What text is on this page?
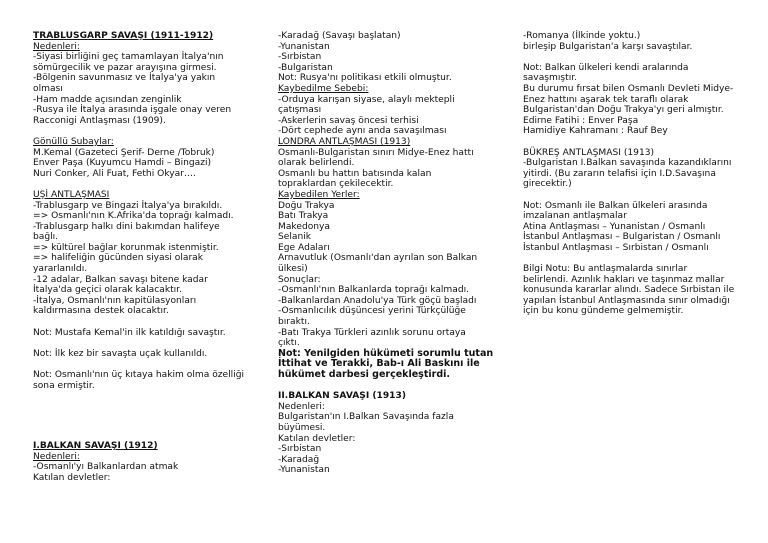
TRABLUSGARP SAVAŞI (1911-1912)
Nedenleri:
-Siyasi birliğini geç tamamlayan İtalya'nın
sömürgecilik ve pazar arayışına girmesi.
-Bölgenin savunmasız ve İtalya'ya yakın
olması
-Ham madde açısından zenginlik
-Rusya ile İtalya arasında işgale onay veren
Racconigi Antlaşması (1909).
Gönüllü Subaylar:
M.Kemal (Gazeteci Şerif- Derne /Tobruk)
Enver Paşa (Kuyumcu Hamdi – Bingazi)
Nuri Conker, Ali Fuat, Fethi Okyar….
UŞİ ANTLAŞMASI
-Trablusgarp ve Bingazi İtalya'ya bırakıldı.
=> Osmanlı'nın K.Afrika'da toprağı kalmadı.
-Trablusgarp halkı dini bakımdan halifeye
bağlı.
=> kültürel bağlar korunmak istenmiştir.
=> halifeliğin gücünden siyasi olarak
yararlanıldı.
-12 adalar, Balkan savaşı bitene kadar
İtalya'da geçici olarak kalacaktır.
-İtalya, Osmanlı'nın kapitülasyonları
kaldırmasına destek olacaktır.
Not: Mustafa Kemal'in ilk katıldığı savaştır.
Not: İlk kez bir savaşta uçak kullanıldı.
Not: Osmanlı'nın üç kıtaya hakim olma özelliği
sona ermiştir.
I.BALKAN SAVAŞI (1912)
Nedenleri:
-Osmanlı'yı Balkanlardan atmak
Katılan devletler:
-Karadağ (Savaşı başlatan)
-Yunanistan
-Sırbistan
-Bulgaristan
Not: Rusya'nı politikası etkili olmuştur.
Kaybedilme Sebebi:
-Orduya karışan siyase, alaylı mektepli
çatışması
-Askerlerin savaş öncesi terhisi
-Dört cephede aynı anda savaşılması
LONDRA ANTLAŞMASI (1913)
Osmanlı-Bulgaristan sınırı Midye-Enez hattı
olarak belirlendi.
Osmanlı bu hattın batısında kalan
topraklardan çekilecektir.
Kaybedilen Yerler:
Doğu Trakya
Batı Trakya
Makedonya
Selanik
Ege Adaları
Arnavutluk (Osmanlı'dan ayrılan son Balkan
ülkesi)
Sonuçlar:
-Osmanlı'nın Balkanlarda toprağı kalmadı.
-Balkanlardan Anadolu'ya Türk göçü başladı
-Osmanlıcılık düşüncesi yerini Türkçülüğe
bıraktı.
-Batı Trakya Türkleri azınlık sorunu ortaya
çıktı.
Not: Yenilgiden hükümeti sorumlu tutan
İttihat ve Terakki, Bab-ı Ali Baskını ile
hükümet darbesi gerçekleştirdi.
II.BALKAN SAVAŞI (1913)
Nedenleri:
Bulgaristan'ın I.Balkan Savaşında fazla
büyümesi.
Katılan devletler:
-Sırbistan
-Karadağ
-Yunanistan
-Romanya (İlkinde yoktu.)
birleşip Bulgaristan'a karşı savaştılar.
Not: Balkan ülkeleri kendi aralarında
savaşmıştır.
Bu durumu fırsat bilen Osmanlı Devleti Midye-
Enez hattını aşarak tek taraflı olarak
Bulgaristan'dan Doğu Trakya'yı geri almıştır.
Edirne Fatihi : Enver Paşa
Hamidiye Kahramanı : Rauf Bey
BÜKREŞ ANTLAŞMASI (1913)
-Bulgaristan I.Balkan savaşında kazandıklarını
yitirdi. (Bu zararın telafisi için I.D.Savaşına
girecektir.)
Not: Osmanlı ile Balkan ülkeleri arasında
imzalanan antlaşmalar
Atina Antlaşması – Yunanistan / Osmanlı
İstanbul Antlaşması – Bulgaristan / Osmanlı
İstanbul Antlaşması – Sırbistan / Osmanlı
Bilgi Notu: Bu antlaşmalarda sınırlar
belirlendi. Azınlık hakları ve taşınmaz mallar
konusunda kararlar alındı. Sadece Sırbistan ile
yapılan İstanbul Antlaşmasında sınır olmadığı
için bu konu gündeme gelmemiştir.
